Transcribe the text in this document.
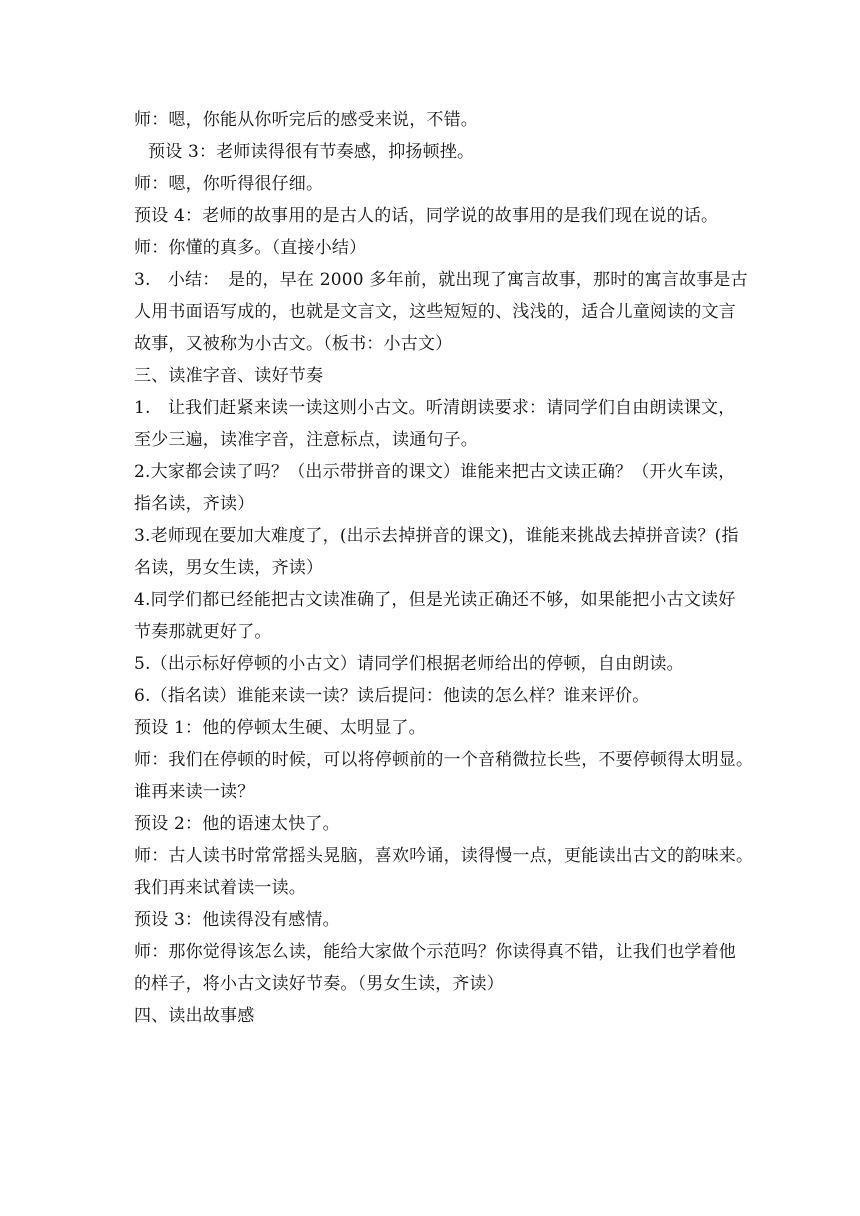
师：嗯，你能从你听完后的感受来说，不错。

预设 3：老师读得很有节奏感，抑扬顿挫。

师：嗯，你听得很仔细。

预设 4：老师的故事用的是古人的话，同学说的故事用的是我们现在说的话。

师：你懂的真多。（直接小结）

3.　小结：　是的，早在 2000 多年前，就出现了寓言故事，那时的寓言故事是古

人用书面语写成的，也就是文言文，这些短短的、浅浅的，适合儿童阅读的文言

故事，又被称为小古文。（板书：小古文）

三、读准字音、读好节奏

1.　让我们赶紧来读一读这则小古文。听清朗读要求：请同学们自由朗读课文，

至少三遍，读准字音，注意标点，读通句子。

2.大家都会读了吗？（出示带拼音的课文）谁能来把古文读正确？（开火车读，

指名读，齐读）

3.老师现在要加大难度了，(出示去掉拼音的课文)，谁能来挑战去掉拼音读？(指

名读，男女生读，齐读）

4.同学们都已经能把古文读准确了，但是光读正确还不够，如果能把小古文读好

节奏那就更好了。

5.（出示标好停顿的小古文）请同学们根据老师给出的停顿，自由朗读。

6.（指名读）谁能来读一读？读后提问：他读的怎么样？谁来评价。

预设 1：他的停顿太生硬、太明显了。

师：我们在停顿的时候，可以将停顿前的一个音稍微拉长些，不要停顿得太明显。

谁再来读一读？

预设 2：他的语速太快了。

师：古人读书时常常摇头晃脑，喜欢吟诵，读得慢一点，更能读出古文的韵味来。

我们再来试着读一读。

预设 3：他读得没有感情。

师：那你觉得该怎么读，能给大家做个示范吗？你读得真不错，让我们也学着他

的样子，将小古文读好节奏。（男女生读，齐读）

四、读出故事感
